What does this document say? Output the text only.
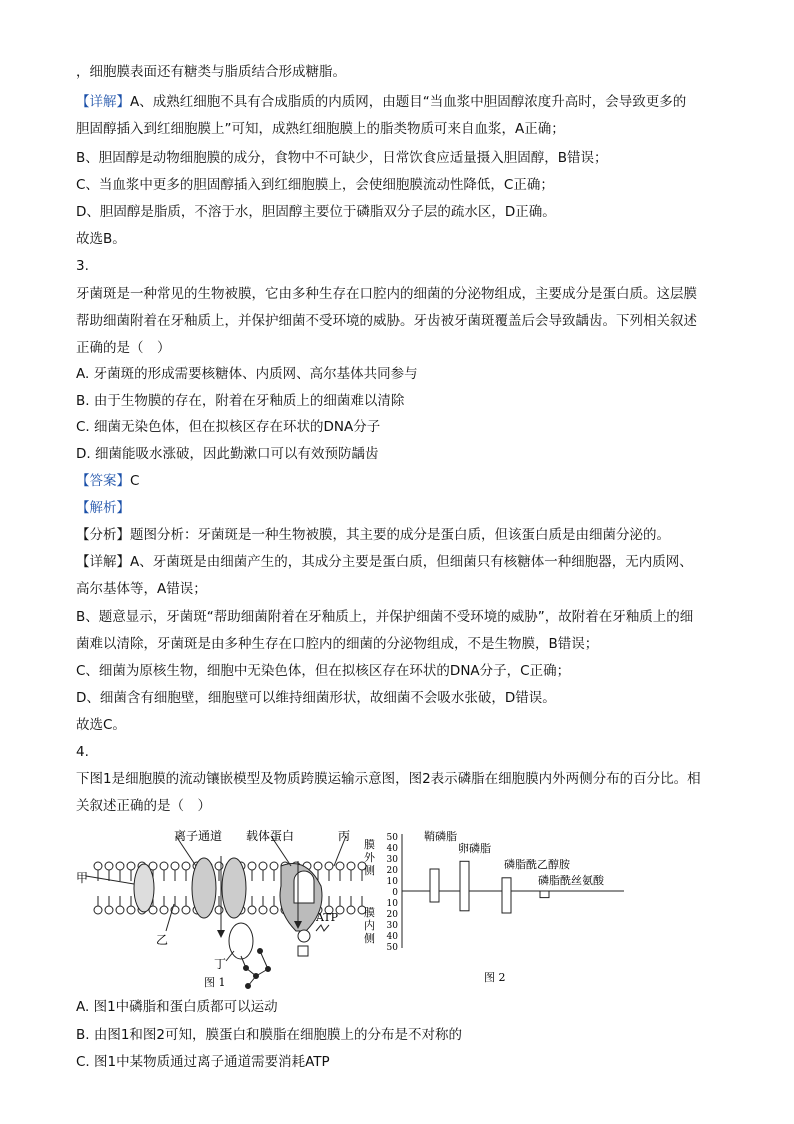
，细胞膜表面还有糖类与脂质结合形成糖脂。
【详解】A、成熟红细胞不具有合成脂质的内质网，由题目“当血浆中胆固醇浓度升高时，会导致更多的
胆固醇插入到红细胞膜上”可知，成熟红细胞膜上的脂类物质可来自血浆，A正确；
B、胆固醇是动物细胞膜的成分，食物中不可缺少，日常饮食应适量摄入胆固醇，B错误；
C、当血浆中更多的胆固醇插入到红细胞膜上，会使细胞膜流动性降低，C正确；
D、胆固醇是脂质，不溶于水，胆固醇主要位于磷脂双分子层的疏水区，D正确。
故选B。
3.
牙菌斑是一种常见的生物被膜，它由多种生存在口腔内的细菌的分泌物组成，主要成分是蛋白质。这层膜
帮助细菌附着在牙釉质上，并保护细菌不受环境的威胁。牙齿被牙菌斑覆盖后会导致龋齿。下列相关叙述
正确的是（　）
A. 牙菌斑的形成需要核糖体、内质网、高尔基体共同参与
B. 由于生物膜的存在，附着在牙釉质上的细菌难以清除
C. 细菌无染色体，但在拟核区存在环状的DNA分子
D. 细菌能吸水涨破，因此勤漱口可以有效预防龋齿
【答案】C
【解析】
【分析】题图分析：牙菌斑是一种生物被膜，其主要的成分是蛋白质，但该蛋白质是由细菌分泌的。
【详解】A、牙菌斑是由细菌产生的，其成分主要是蛋白质，但细菌只有核糖体一种细胞器，无内质网、
高尔基体等，A错误；
B、题意显示，牙菌斑“帮助细菌附着在牙釉质上，并保护细菌不受环境的威胁”，故附着在牙釉质上的细
菌难以清除，牙菌斑是由多种生存在口腔内的细菌的分泌物组成，不是生物膜，B错误；
C、细菌为原核生物，细胞中无染色体，但在拟核区存在环状的DNA分子，C正确；
D、细菌含有细胞壁，细胞壁可以维持细菌形状，故细菌不会吸水张破，D错误。
故选C。
4.
下图1是细胞膜的流动镶嵌模型及物质跨膜运输示意图，图2表示磷脂在细胞膜内外两侧分布的百分比。相
关叙述正确的是（　）
甲
离子通道 载体蛋白	丙
乙
丁
ATP
图 1
膜外侧
膜内侧
50
40
30
20
10
0
10
20
30
40
50
鞘磷脂
卵磷脂
磷脂酰乙醇胺
磷脂酰丝氨酸
图 2
A. 图1中磷脂和蛋白质都可以运动
B. 由图1和图2可知，膜蛋白和膜脂在细胞膜上的分布是不对称的
C. 图1中某物质通过离子通道需要消耗ATP
